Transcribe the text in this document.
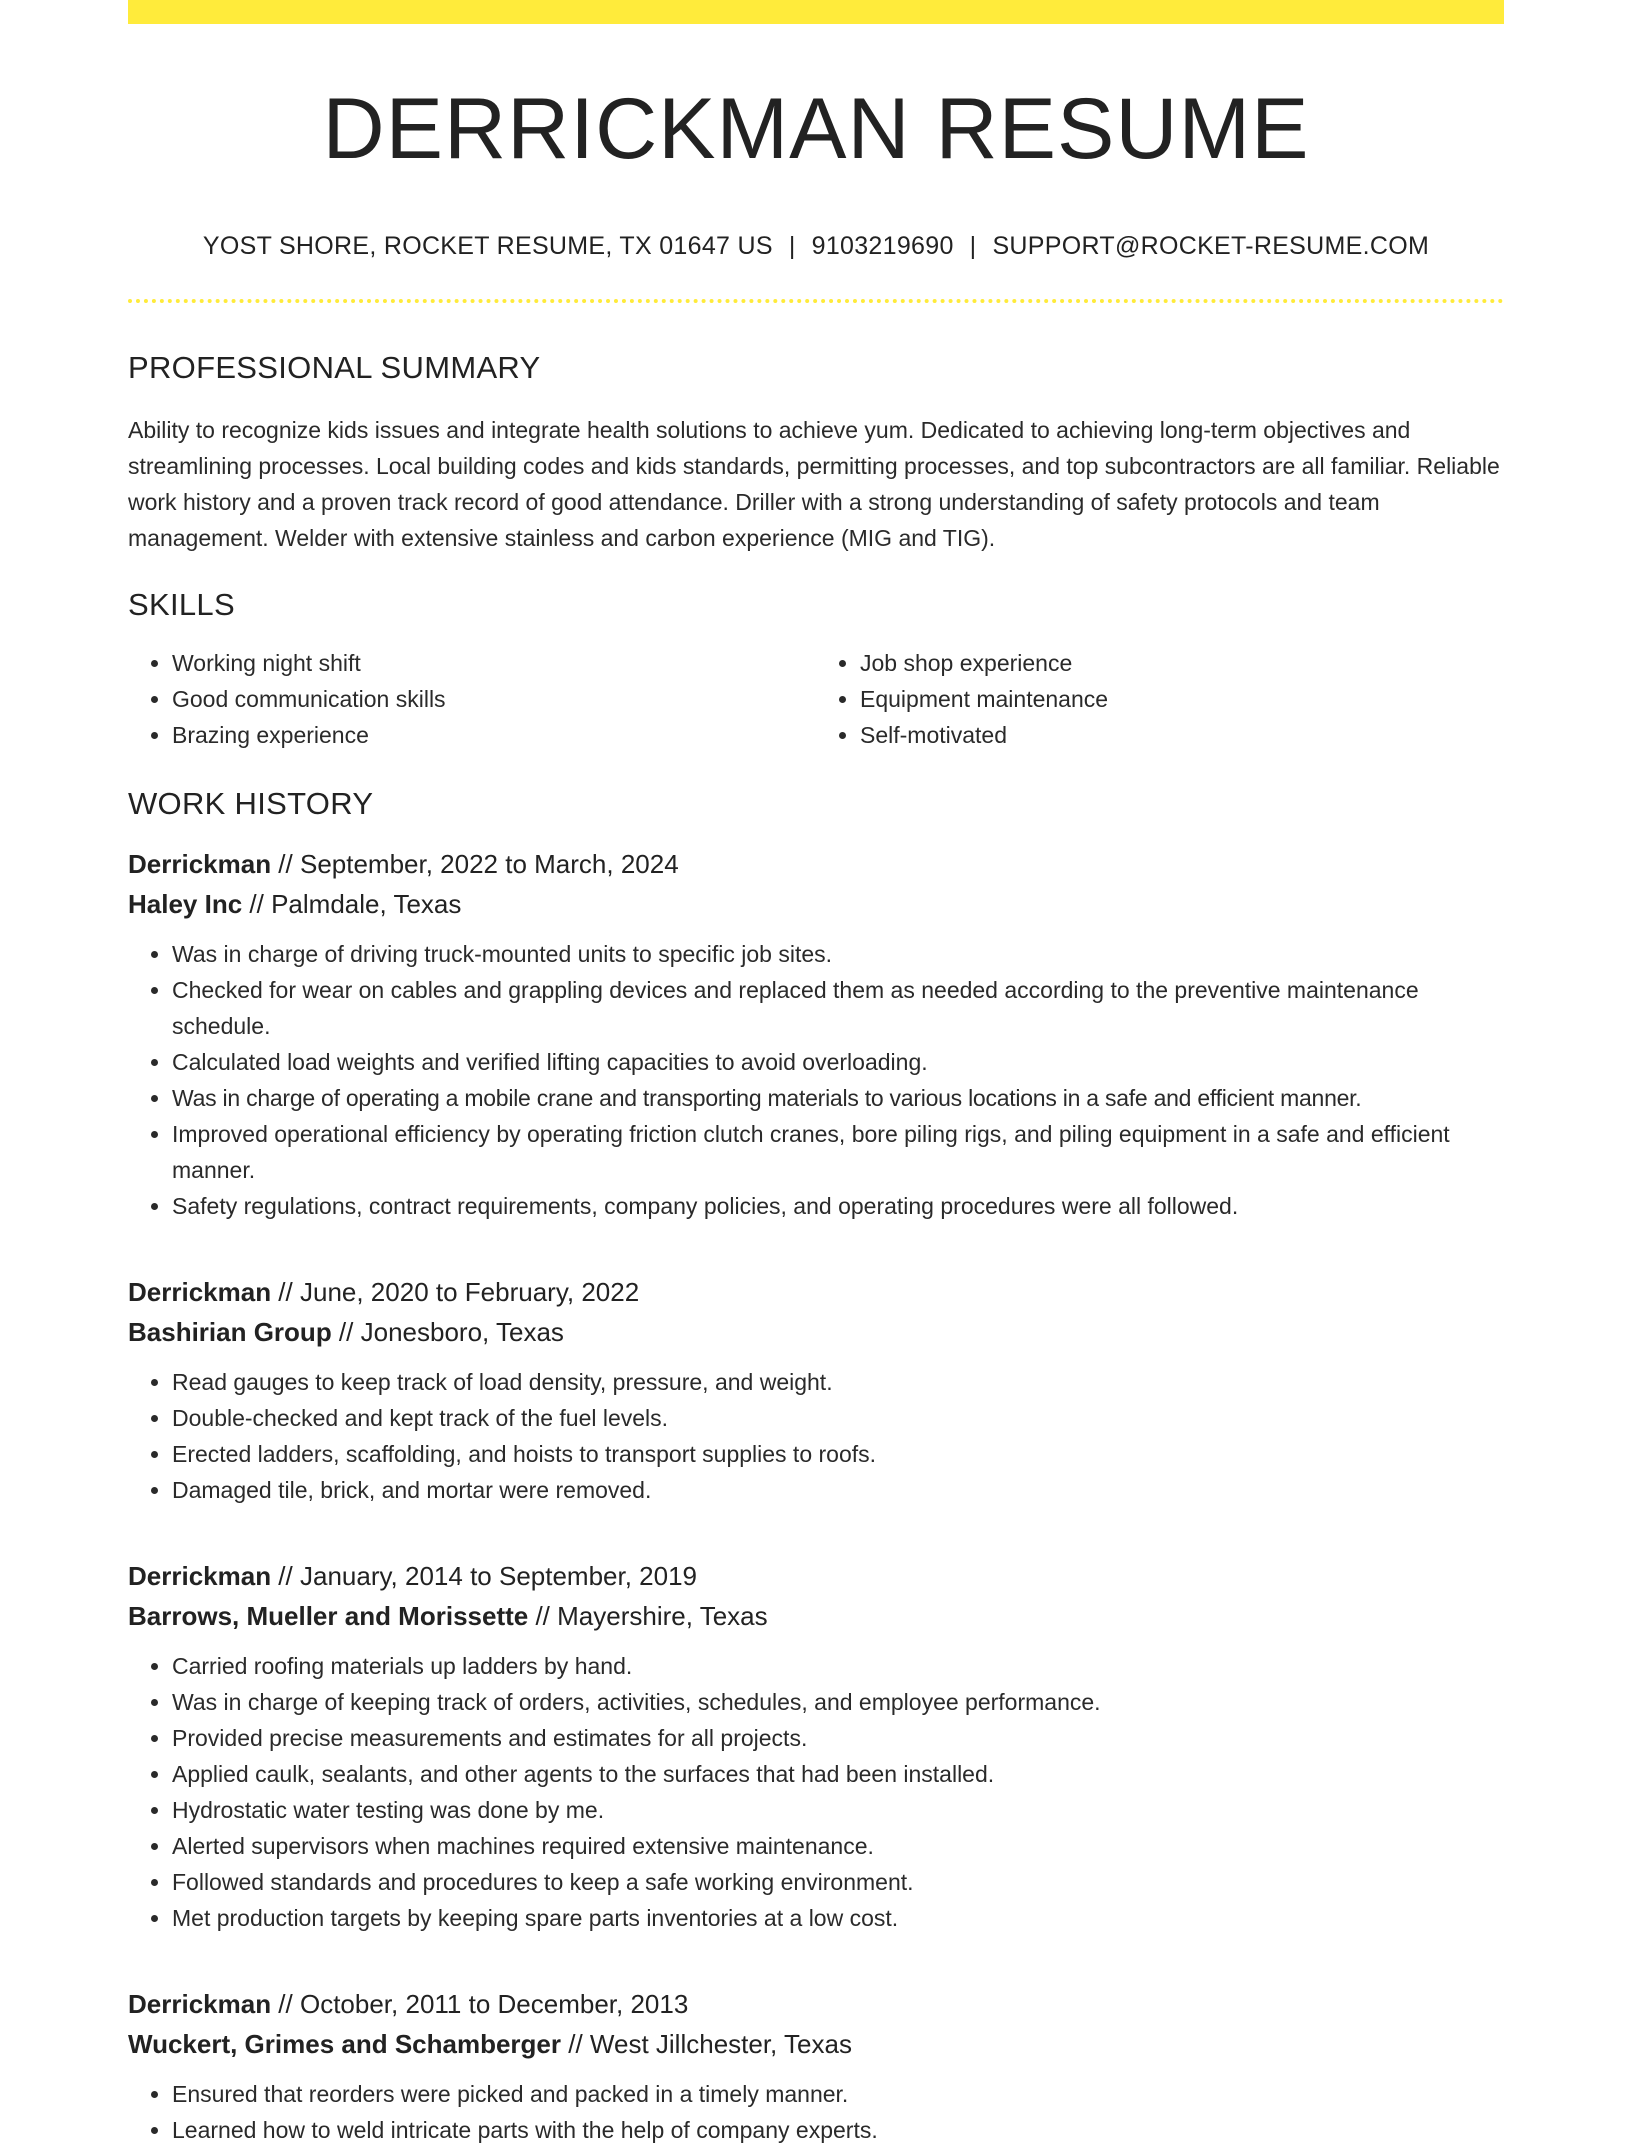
DERRICKMAN RESUME
YOST SHORE, ROCKET RESUME, TX 01647 US | 9103219690 | SUPPORT@ROCKET-RESUME.COM
PROFESSIONAL SUMMARY

Ability to recognize kids issues and integrate health solutions to achieve yum. Dedicated to achieving long-term objectives and streamlining processes. Local building codes and kids standards, permitting processes, and top subcontractors are all familiar. Reliable work history and a proven track record of good attendance. Driller with a strong understanding of safety protocols and team management. Welder with extensive stainless and carbon experience (MIG and TIG).

SKILLS
• Working night shift
• Good communication skills
• Brazing experience
• Job shop experience
• Equipment maintenance
• Self-motivated
WORK HISTORY
Derrickman // September, 2022 to March, 2024
Haley Inc // Palmdale, Texas
• Was in charge of driving truck-mounted units to specific job sites.
• Checked for wear on cables and grappling devices and replaced them as needed according to the preventive maintenance schedule.
• Calculated load weights and verified lifting capacities to avoid overloading.
• Was in charge of operating a mobile crane and transporting materials to various locations in a safe and efficient manner.
• Improved operational efficiency by operating friction clutch cranes, bore piling rigs, and piling equipment in a safe and efficient manner.
• Safety regulations, contract requirements, company policies, and operating procedures were all followed.
Derrickman // June, 2020 to February, 2022
Bashirian Group // Jonesboro, Texas
• Read gauges to keep track of load density, pressure, and weight.
• Double-checked and kept track of the fuel levels.
• Erected ladders, scaffolding, and hoists to transport supplies to roofs.
• Damaged tile, brick, and mortar were removed.
Derrickman // January, 2014 to September, 2019
Barrows, Mueller and Morissette // Mayershire, Texas
• Carried roofing materials up ladders by hand.
• Was in charge of keeping track of orders, activities, schedules, and employee performance.
• Provided precise measurements and estimates for all projects.
• Applied caulk, sealants, and other agents to the surfaces that had been installed.
• Hydrostatic water testing was done by me.
• Alerted supervisors when machines required extensive maintenance.
• Followed standards and procedures to keep a safe working environment.
• Met production targets by keeping spare parts inventories at a low cost.
Derrickman // October, 2011 to December, 2013
Wuckert, Grimes and Schamberger // West Jillchester, Texas
• Ensured that reorders were picked and packed in a timely manner.
• Learned how to weld intricate parts with the help of company experts.
